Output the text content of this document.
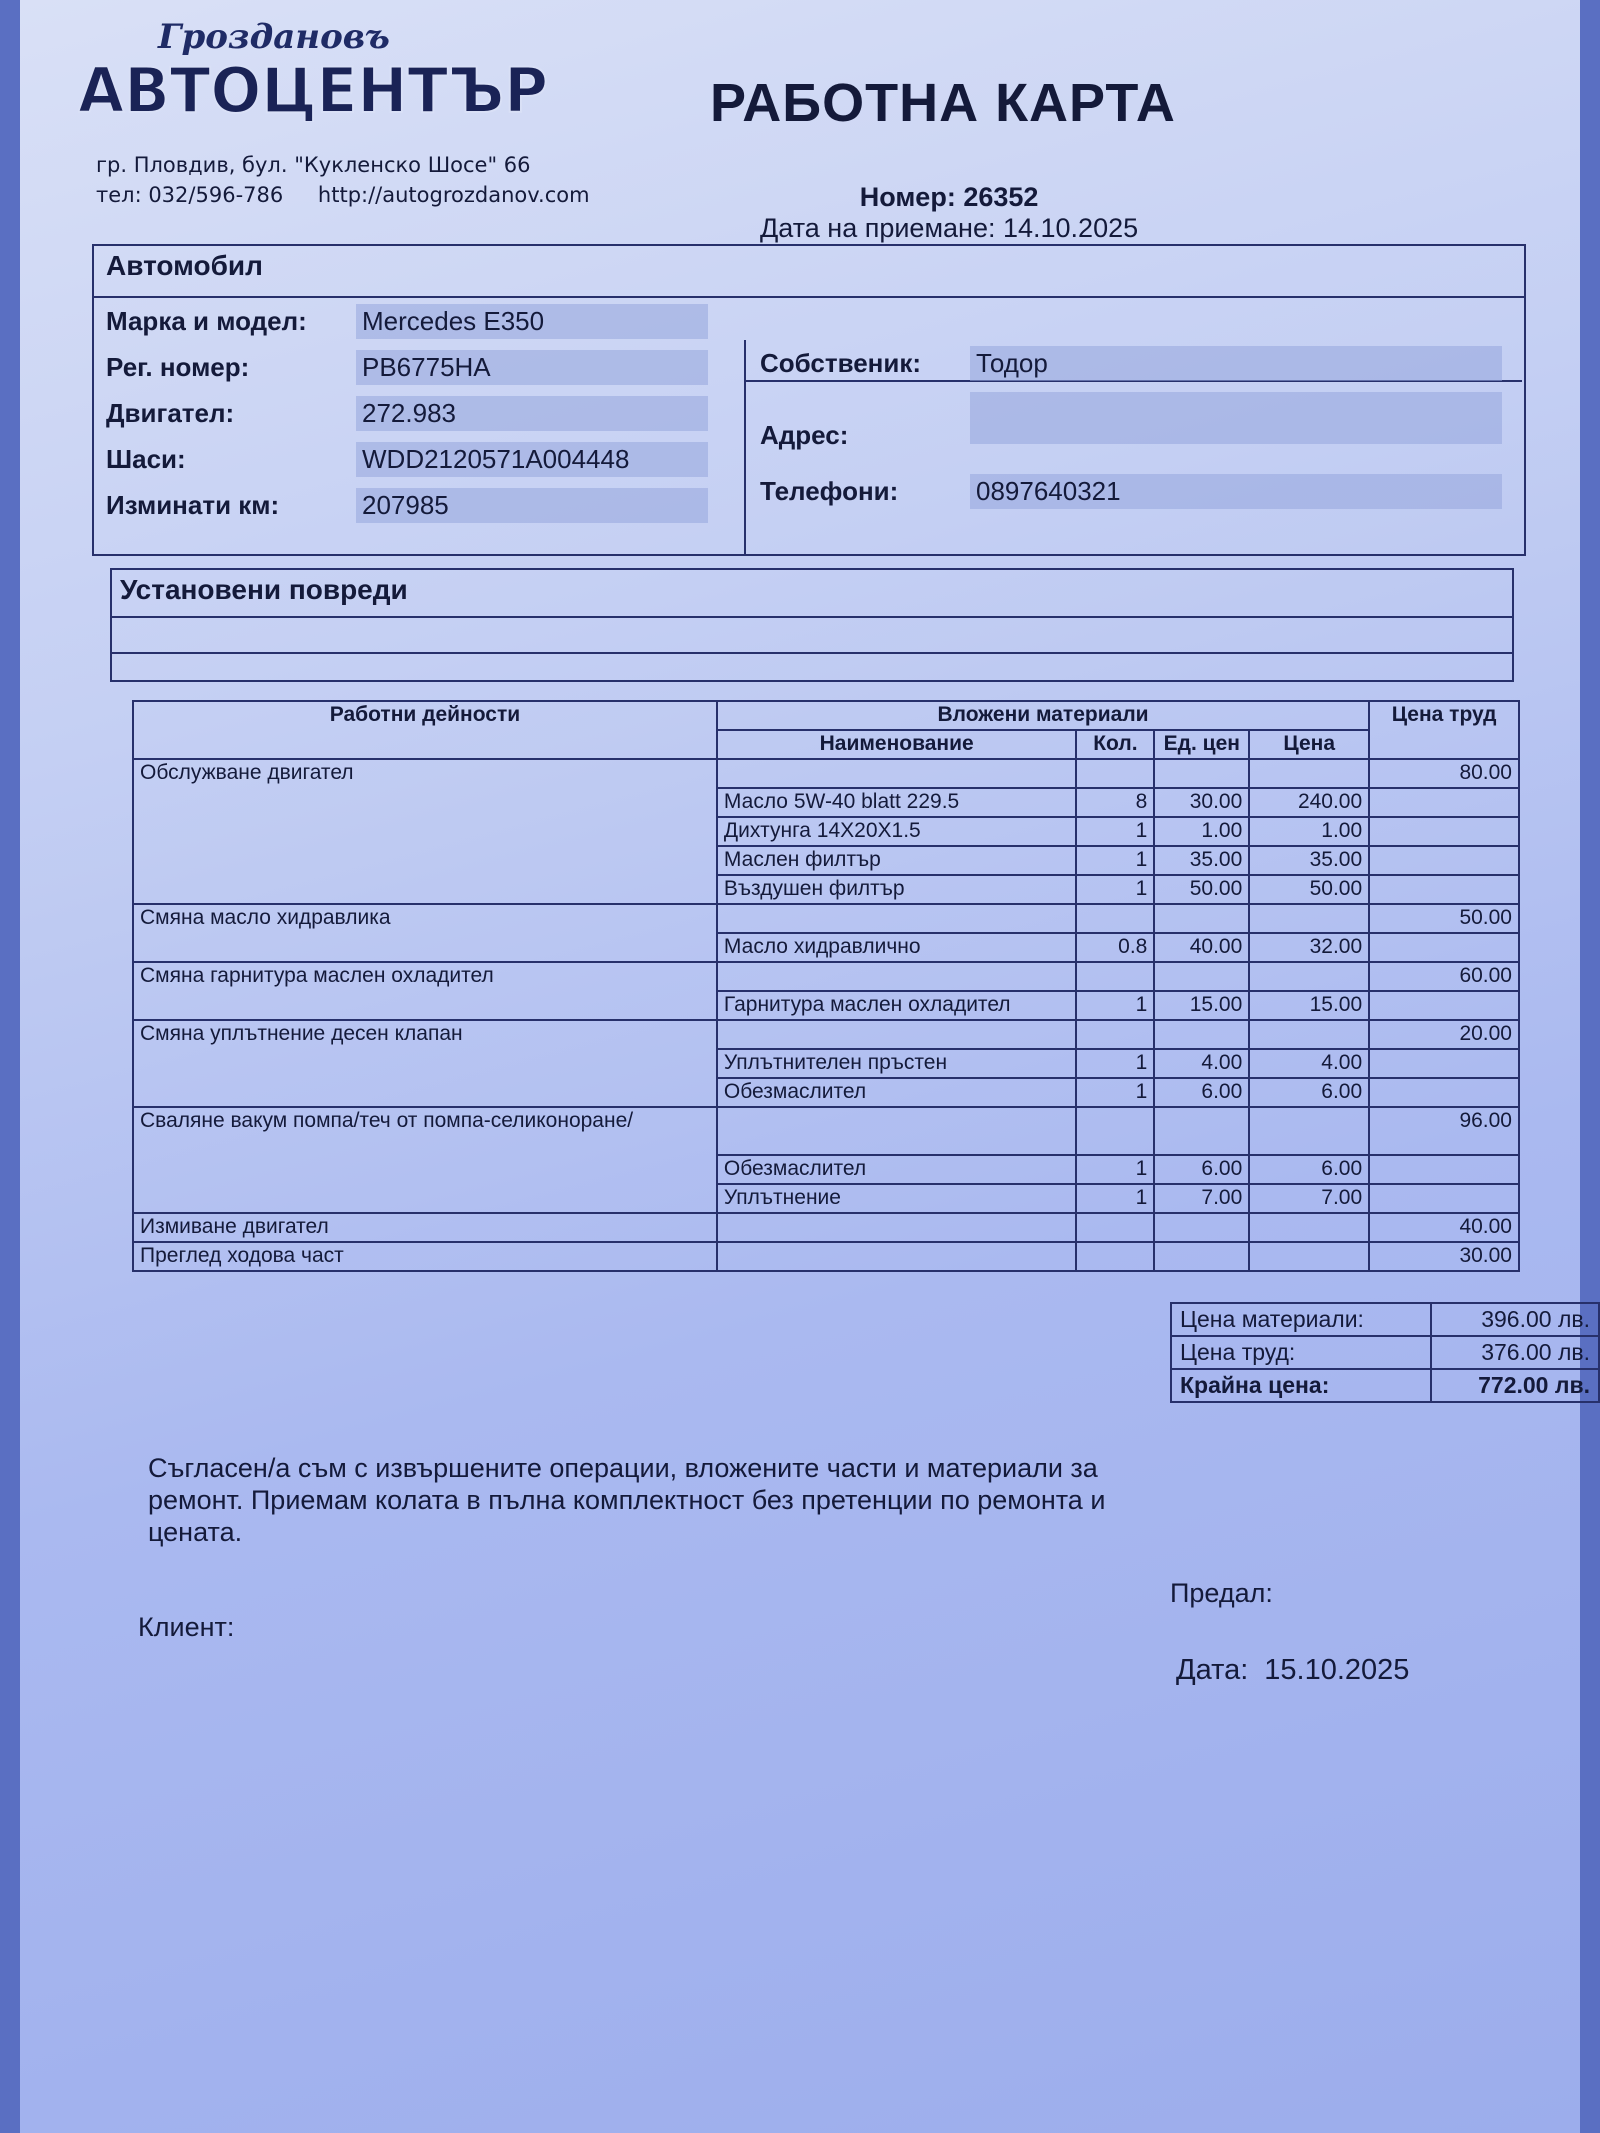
Гроздановъ
АВТОЦЕНТЪР
гр. Пловдив, бул. "Кукленско Шосе" 66
тел: 032/596-786 http://autogrozdanov.com
РАБОТНА КАРТА
Номер: 26352
Дата на приемане: 14.10.2025
Автомобил
Марка и модел: Mercedes E350
Рег. номер:	PB6775HA
Двигател:	272.983
Шаси:	WDD2120571A004448
Изминати км:	207985
Собственик: Тодор
Адрес:
Телефони:	0897640321
Установени повреди
Работни дейности	Вложени материали				Цена труд
	Наименование	Кол.	Ед. цен	Цена	
Обслужване двигател					80.00
	Масло 5W-40 blatt 229.5	8	30.00	240.00	
	Дихтунга 14X20X1.5	1	1.00	1.00	
	Маслен филтър	1	35.00	35.00	
	Въздушен филтър	1	50.00	50.00	
Смяна масло хидравлика					50.00
	Масло хидравлично	0.8	40.00	32.00	
Смяна гарнитура маслен охладител					60.00
	Гарнитура маслен охладител	1	15.00	15.00	
Смяна уплътнение десен клапан					20.00
	Уплътнителен пръстен	1	4.00	4.00	
	Обезмаслител	1	6.00	6.00	
Сваляне вакум помпа/теч от помпа-селиконоране/					96.00
	Обезмаслител	1	6.00	6.00	
	Уплътнение	1	7.00	7.00	
Измиване двигател					40.00
Преглед ходова част					30.00
Цена материали:	396.00 лв.
Цена труд:	376.00 лв.
Крайна цена:	772.00 лв.
Съгласен/а съм с извършените операции, вложените части и материали за ремонт. Приемам колата в пълна комплектност без претенции по ремонта и цената.
Клиент:
Предал:
Дата: 15.10.2025
